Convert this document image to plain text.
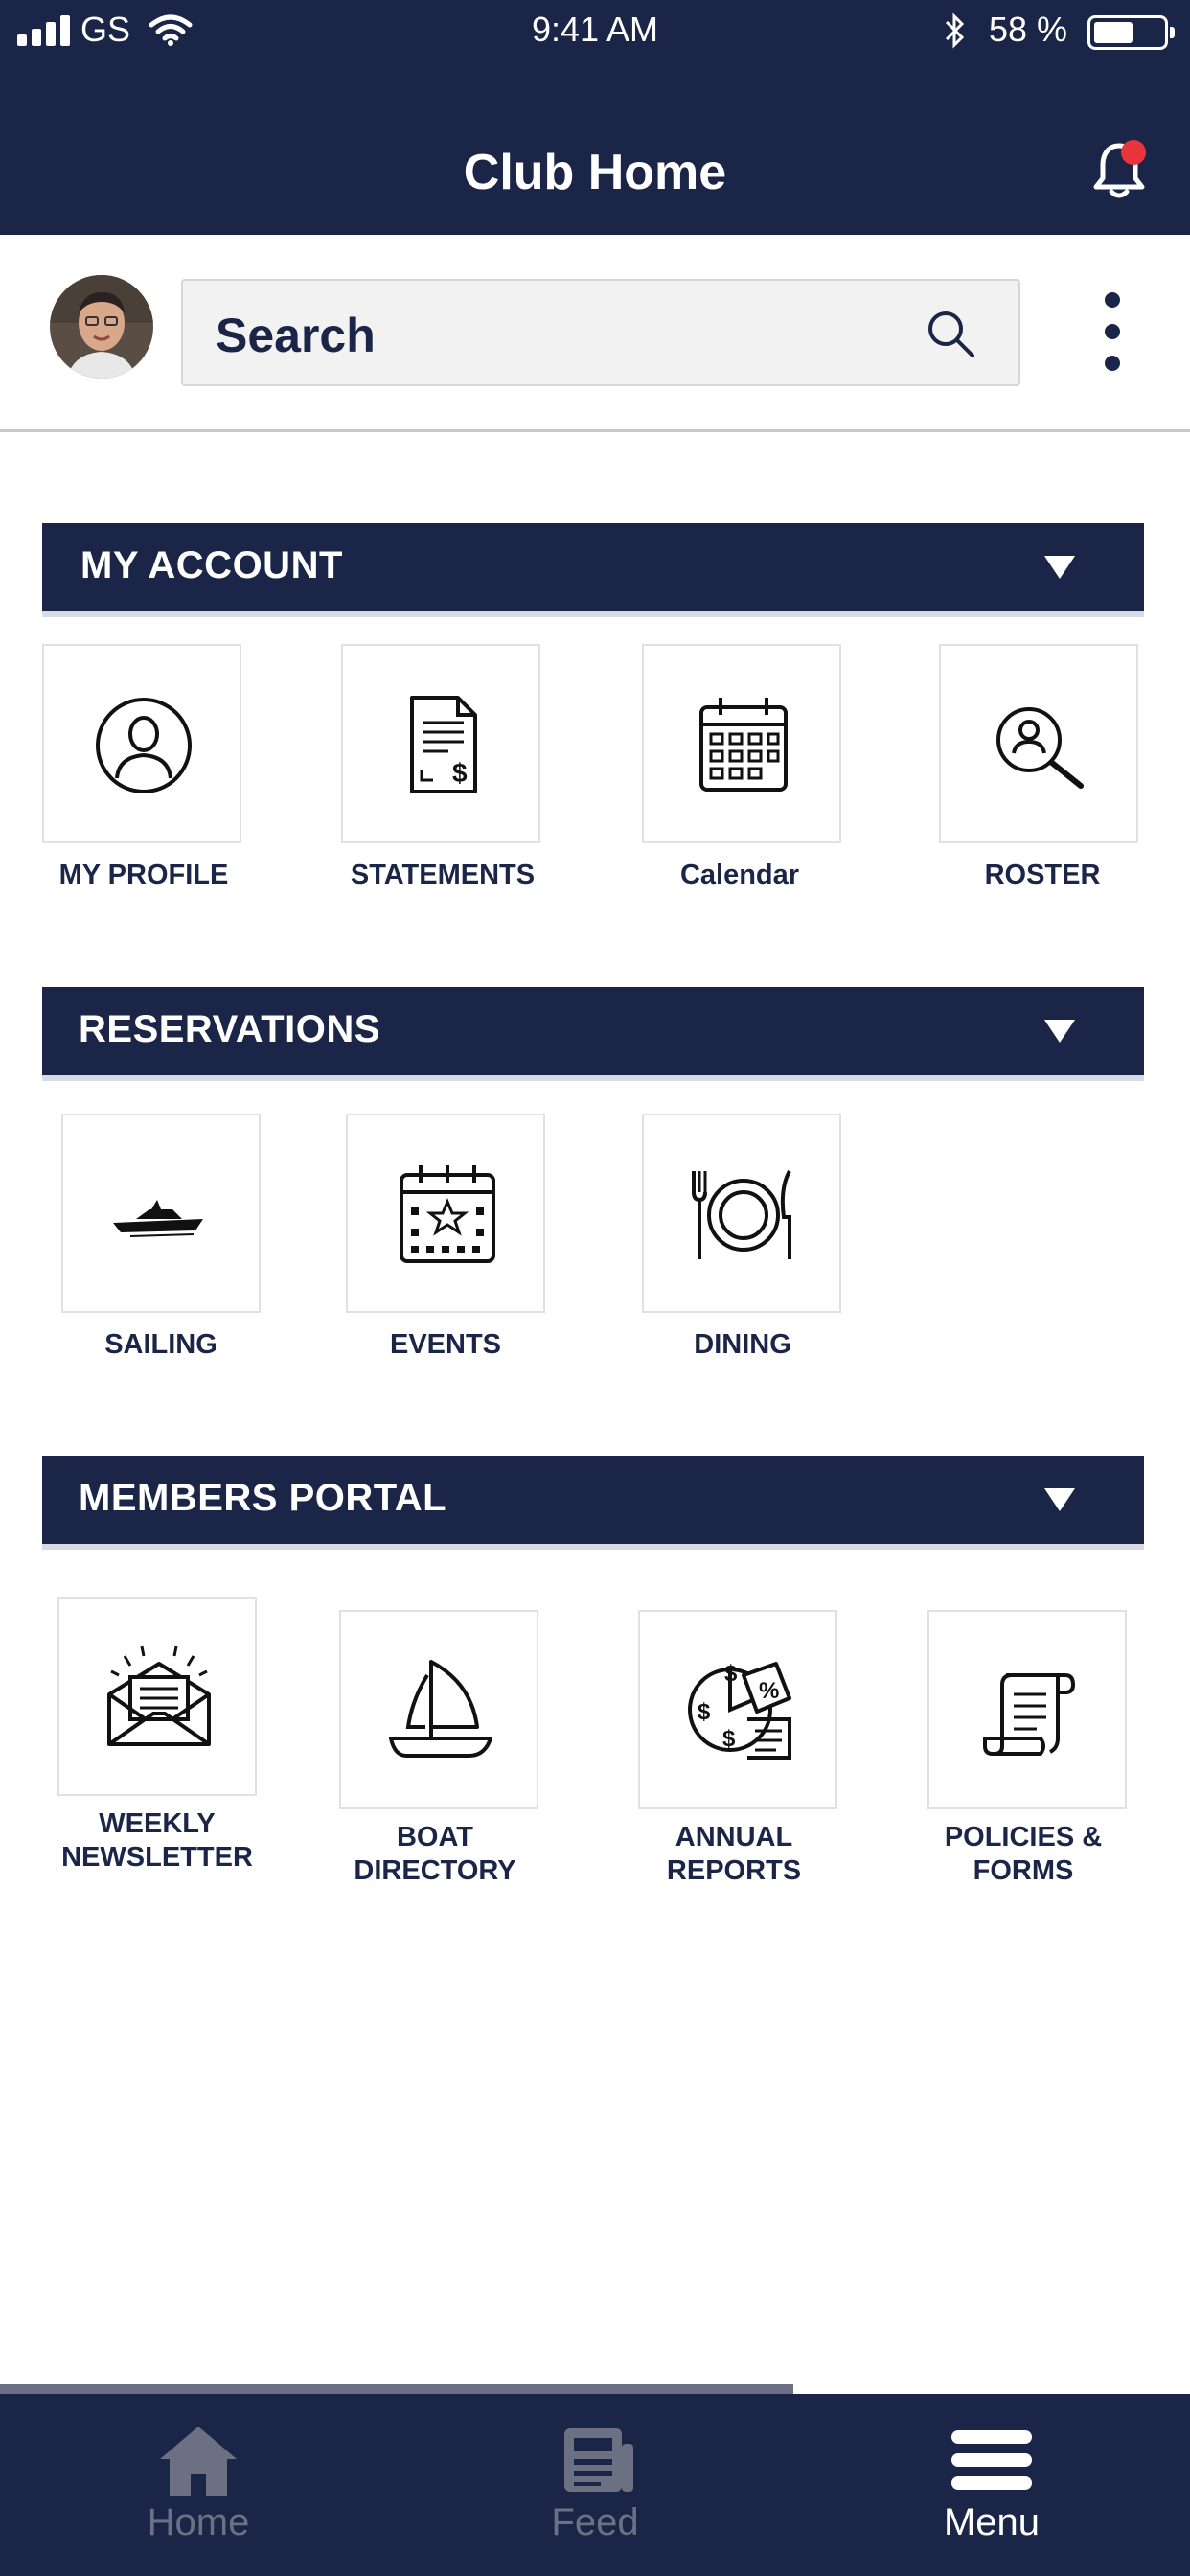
GS	9:41 AM	58 %
Club Home
Search
MY ACCOUNT
MY PROFILE
$
STATEMENTS	Calendar	ROSTER
RESERVATIONS
SAILING	EVENTS	DINING
MEMBERS PORTAL
WEEKLY
NEWSLETTER
BOAT
DIRECTORY
%
$
$
$
ANNUAL
REPORTS
POLICIES &
FORMS
Home	Feed	Menu
